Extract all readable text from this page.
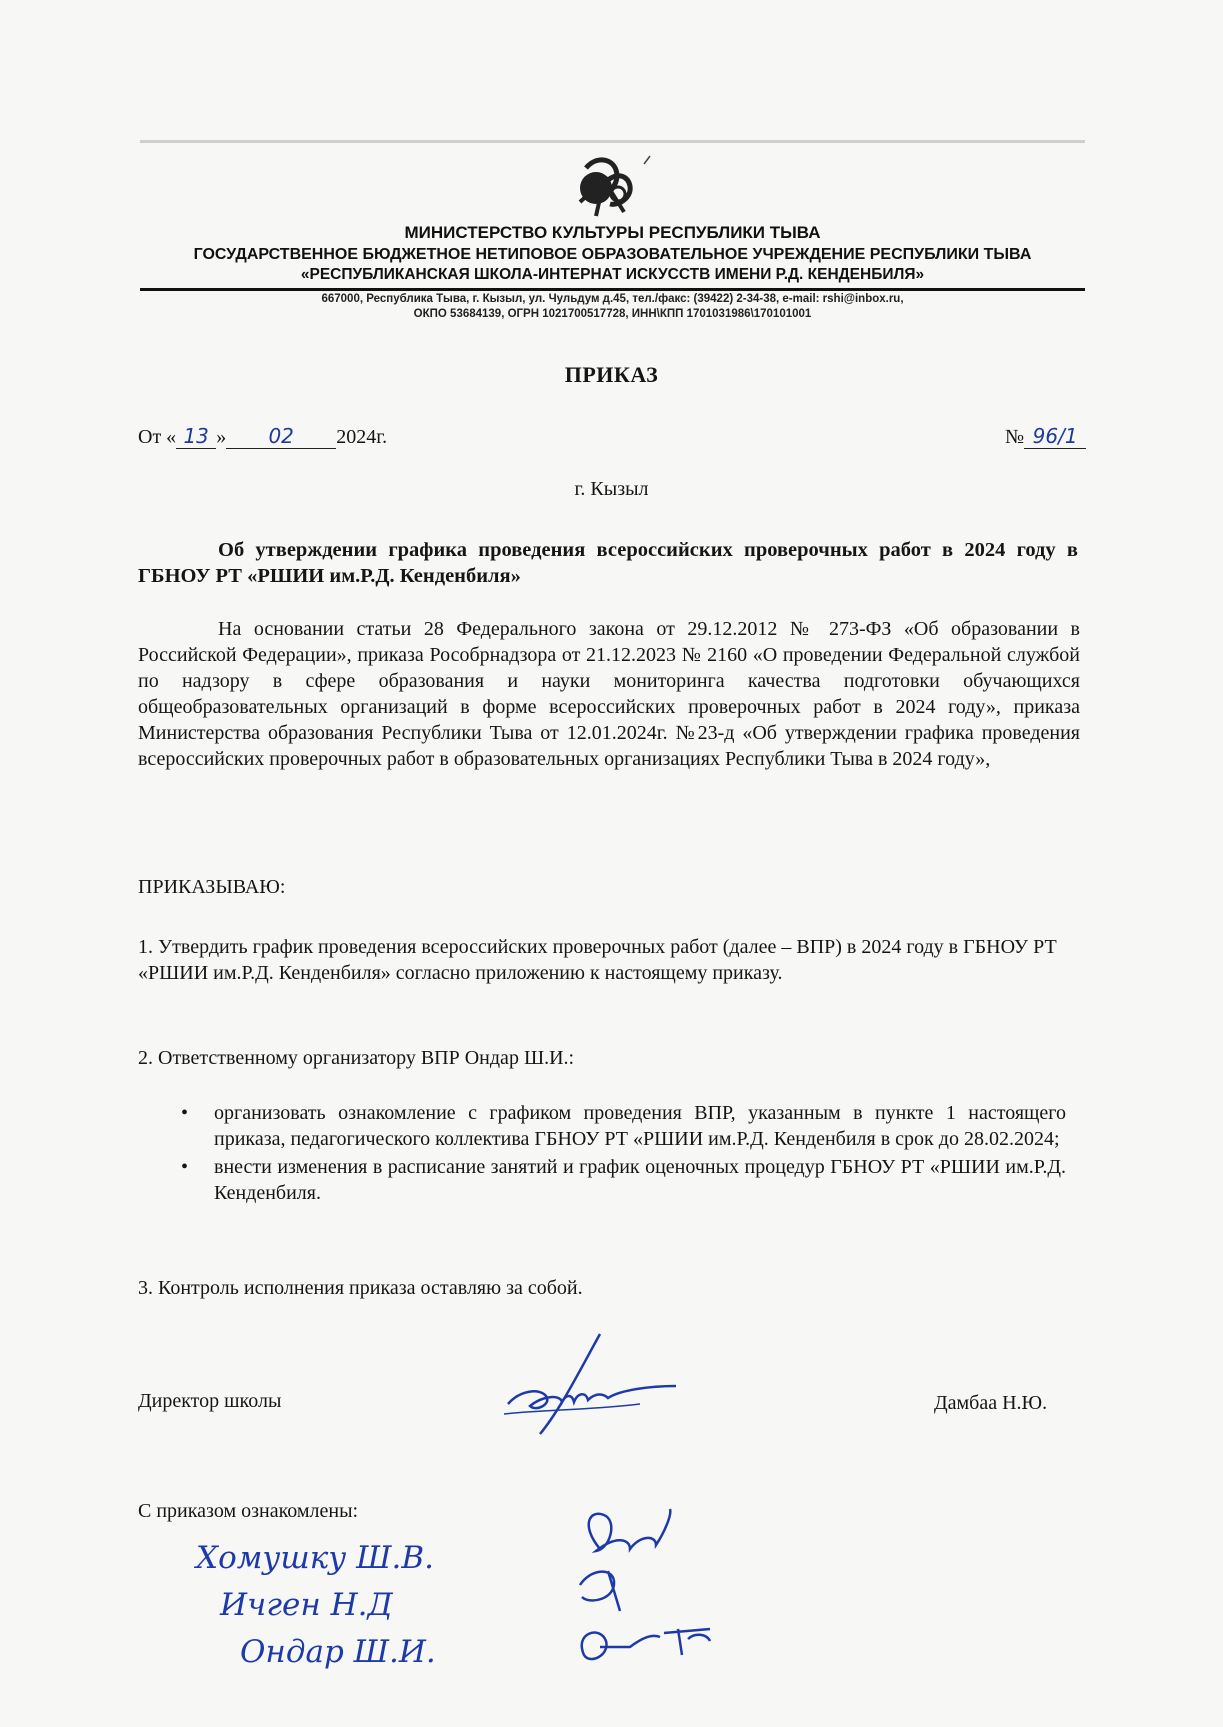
МИНИСТЕРСТВО КУЛЬТУРЫ РЕСПУБЛИКИ ТЫВА
ГОСУДАРСТВЕННОЕ БЮДЖЕТНОЕ НЕТИПОВОЕ ОБРАЗОВАТЕЛЬНОЕ УЧРЕЖДЕНИЕ РЕСПУБЛИКИ ТЫВА
«РЕСПУБЛИКАНСКАЯ ШКОЛА-ИНТЕРНАТ ИСКУССТВ ИМЕНИ Р.Д. КЕНДЕНБИЛЯ»
667000, Республика Тыва, г. Кызыл, ул. Чульдум д.45, тел./факс: (39422) 2-34-38, e-mail: rshi@inbox.ru,
ОКПО 53684139, ОГРН 1021700517728, ИНН\КПП 1701031986\170101001
ПРИКАЗ
От « 13 » 02 2024г.	№ 96/1
г. Кызыл
Об утверждении графика проведения всероссийских проверочных работ в 2024 году в ГБНОУ РТ «РШИИ им.Р.Д. Кенденбиля»
На основании статьи 28 Федерального закона от 29.12.2012 № 273-ФЗ «Об образовании в Российской Федерации», приказа Рособрнадзора от 21.12.2023 № 2160 «О проведении Федеральной службой по надзору в сфере образования и науки мониторинга качества подготовки обучающихся общеобразовательных организаций в форме всероссийских проверочных работ в 2024 году», приказа Министерства образования Республики Тыва от 12.01.2024г. №23-д «Об утверждении графика проведения всероссийских проверочных работ в образовательных организациях Республики Тыва в 2024 году»,
ПРИКАЗЫВАЮ:
1. Утвердить график проведения всероссийских проверочных работ (далее – ВПР) в 2024 году в ГБНОУ РТ «РШИИ им.Р.Д. Кенденбиля» согласно приложению к настоящему приказу.
2. Ответственному организатору ВПР Ондар Ш.И.:
• организовать ознакомление с графиком проведения ВПР, указанным в пункте 1 настоящего приказа, педагогического коллектива ГБНОУ РТ «РШИИ им.Р.Д. Кенденбиля в срок до 28.02.2024;
• внести изменения в расписание занятий и график оценочных процедур ГБНОУ РТ «РШИИ им.Р.Д. Кенденбиля.
3. Контроль исполнения приказа оставляю за собой.
Директор школы	Дамбаа Н.Ю.
С приказом ознакомлены:
Хомушку Ш.В.
Ичген Н.Д
Ондар Ш.И.
